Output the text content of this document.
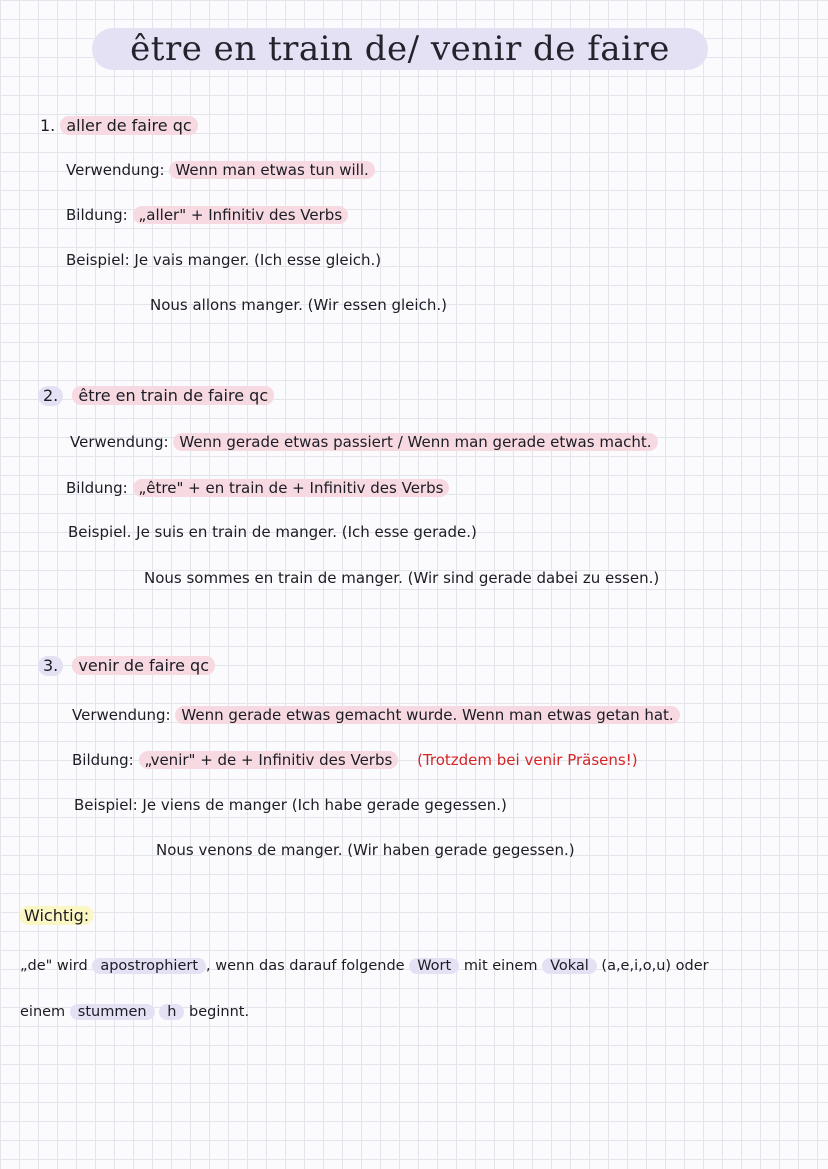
être en train de/ venir de faire
1. aller de faire qc
Verwendung: Wenn man etwas tun will.
Bildung: „aller" + Infinitiv des Verbs
Beispiel: Je vais manger. (Ich esse gleich.)
Nous allons manger. (Wir essen gleich.)
2. être en train de faire qc
Verwendung: Wenn gerade etwas passiert / Wenn man gerade etwas macht.
Bildung: „être" + en train de + Infinitiv des Verbs
Beispiel. Je suis en train de manger. (Ich esse gerade.)
Nous sommes en train de manger. (Wir sind gerade dabei zu essen.)
3. venir de faire qc
Verwendung: Wenn gerade etwas gemacht wurde. Wenn man etwas getan hat.
Bildung: „venir" + de + Infinitiv des Verbs (Trotzdem bei venir Präsens!)
Beispiel: Je viens de manger (Ich habe gerade gegessen.)
Nous venons de manger. (Wir haben gerade gegessen.)
Wichtig:
„de" wird apostrophiert , wenn das darauf folgende Wort mit einem Vokal (a,e,i,o,u) oder
einem stummen h beginnt.
